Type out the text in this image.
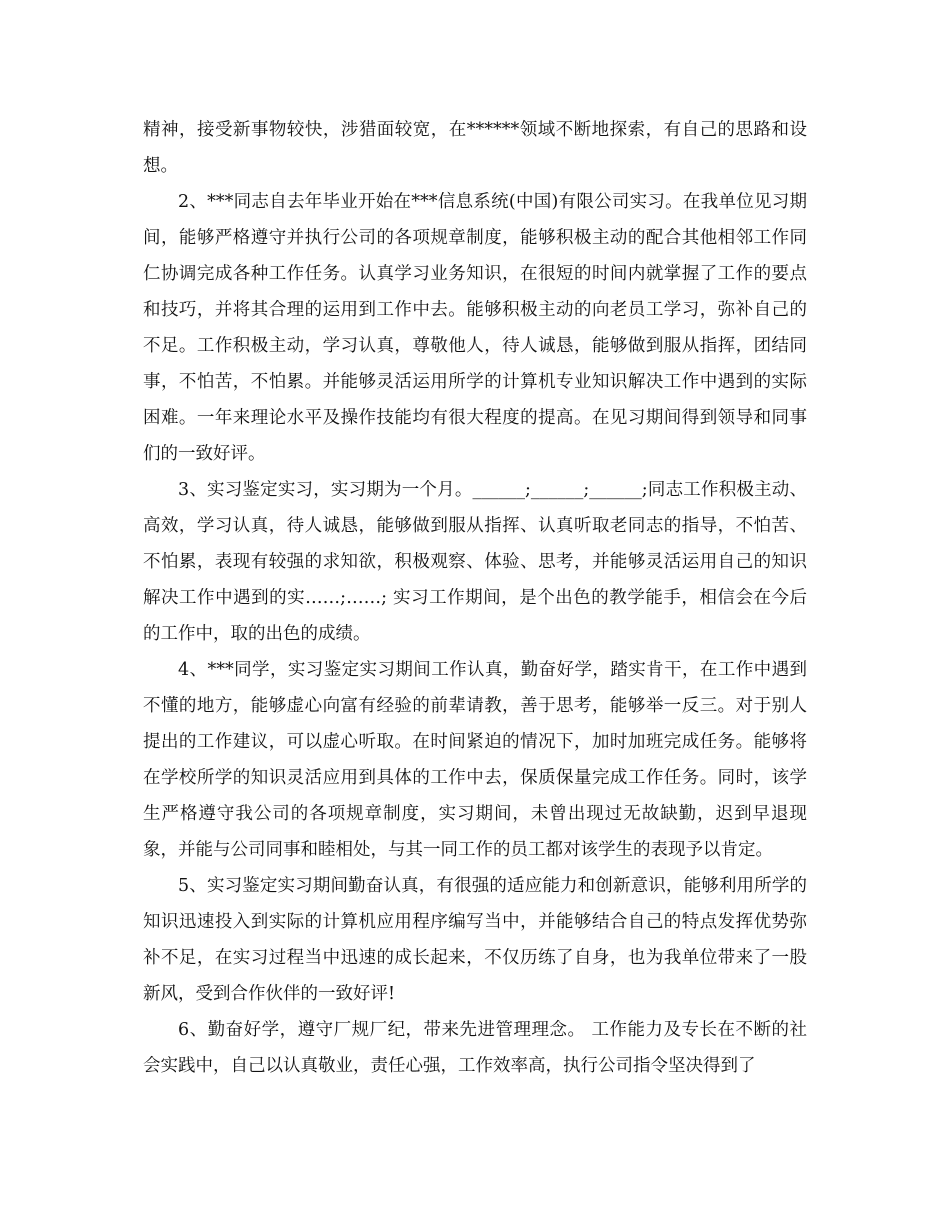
精神，接受新事物较快，涉猎面较宽，在******领域不断地探索，有自己的思路和设想。

2、***同志自去年毕业开始在***信息系统(中国)有限公司实习。在我单位见习期间，能够严格遵守并执行公司的各项规章制度，能够积极主动的配合其他相邻工作同仁协调完成各种工作任务。认真学习业务知识，在很短的时间内就掌握了工作的要点和技巧，并将其合理的运用到工作中去。能够积极主动的向老员工学习，弥补自己的不足。工作积极主动，学习认真，尊敬他人，待人诚恳，能够做到服从指挥，团结同事，不怕苦，不怕累。并能够灵活运用所学的计算机专业知识解决工作中遇到的实际困难。一年来理论水平及操作技能均有很大程度的提高。在见习期间得到领导和同事们的一致好评。

3、实习鉴定实习，实习期为一个月。______;______;______;同志工作积极主动、高效，学习认真，待人诚恳，能够做到服从指挥、认真听取老同志的指导，不怕苦、不怕累，表现有较强的求知欲，积极观察、体验、思考，并能够灵活运用自己的知识解决工作中遇到的实……;……; 实习工作期间，是个出色的教学能手，相信会在今后的工作中，取的出色的成绩。

4、***同学，实习鉴定实习期间工作认真，勤奋好学，踏实肯干，在工作中遇到不懂的地方，能够虚心向富有经验的前辈请教，善于思考，能够举一反三。对于别人提出的工作建议，可以虚心听取。在时间紧迫的情况下，加时加班完成任务。能够将在学校所学的知识灵活应用到具体的工作中去，保质保量完成工作任务。同时，该学生严格遵守我公司的各项规章制度，实习期间，未曾出现过无故缺勤，迟到早退现象，并能与公司同事和睦相处，与其一同工作的员工都对该学生的表现予以肯定。

5、实习鉴定实习期间勤奋认真，有很强的适应能力和创新意识，能够利用所学的知识迅速投入到实际的计算机应用程序编写当中，并能够结合自己的特点发挥优势弥补不足，在实习过程当中迅速的成长起来，不仅历练了自身，也为我单位带来了一股新风，受到合作伙伴的一致好评!

6、勤奋好学，遵守厂规厂纪，带来先进管理理念。 工作能力及专长在不断的社会实践中，自己以认真敬业，责任心强，工作效率高，执行公司指令坚决得到了
